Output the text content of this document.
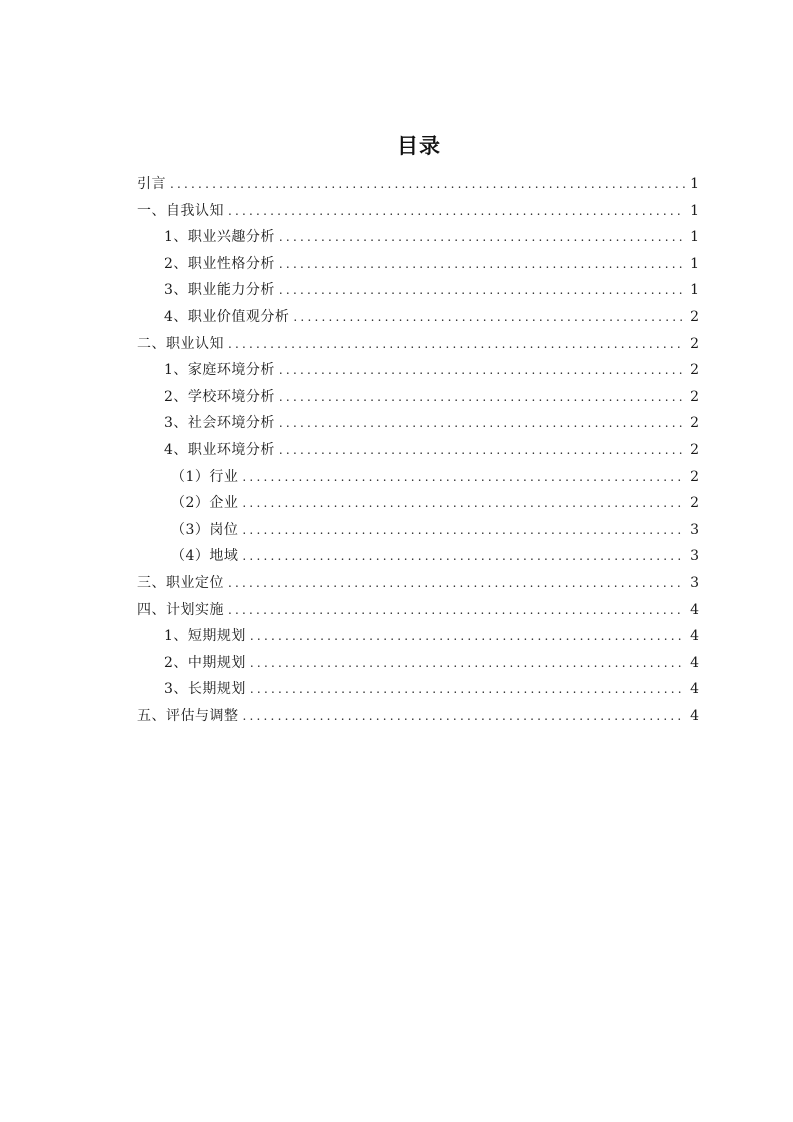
目录
引言 .....	1
一、自我认知 .....	1
1、职业兴趣分析 .....	1
2、职业性格分析 .....	1
3、职业能力分析 .....	1
4、职业价值观分析 .....	2
二、职业认知 .....	2
1、家庭环境分析 .....	2
2、学校环境分析 .....	2
3、社会环境分析 .....	2
4、职业环境分析 .....	2
（1）行业 .....	2
（2）企业 .....	2
（3）岗位 .....	3
（4）地域 .....	3
三、职业定位 .....	3
四、计划实施 .....	4
1、短期规划 .....	4
2、中期规划 .....	4
3、长期规划 .....	4
五、评估与调整 .....	4
